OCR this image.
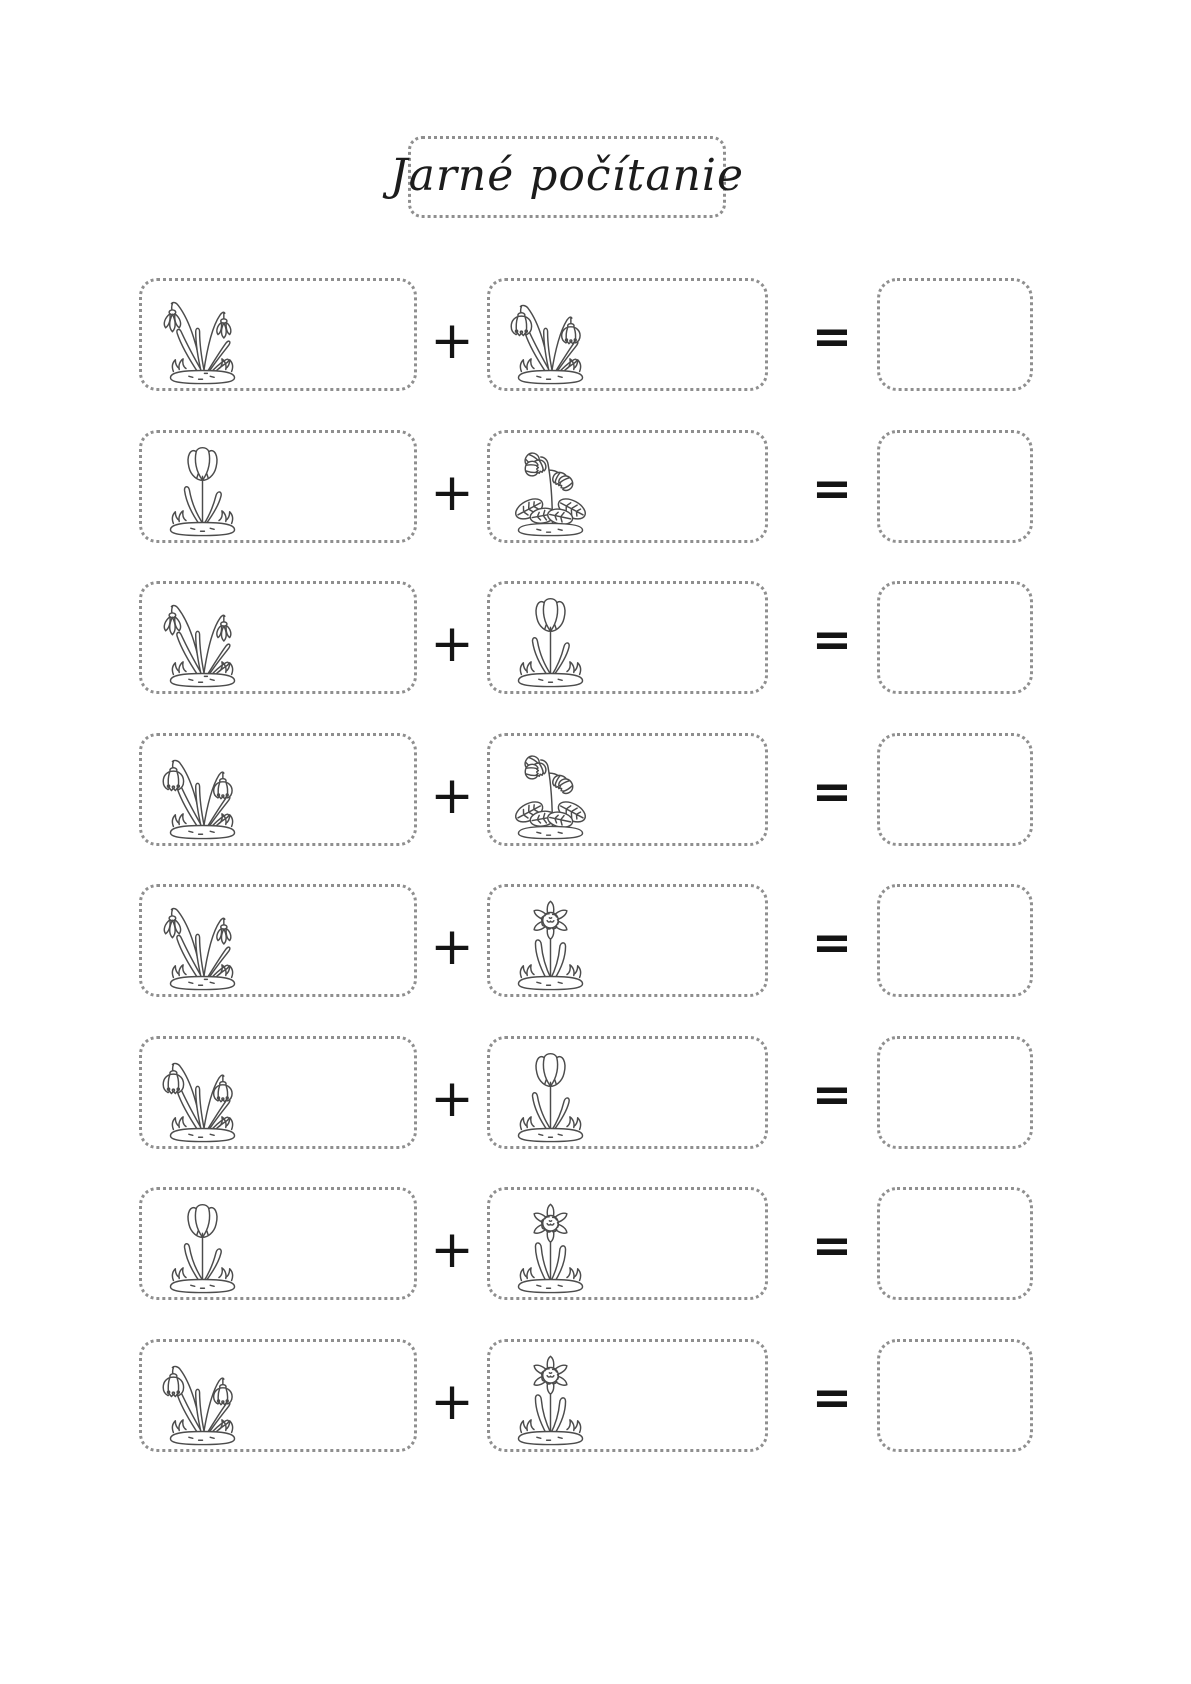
Jarné počítanie
+	=
+	=
+	=
+	=
+	=
+	=
+	=
+	=
